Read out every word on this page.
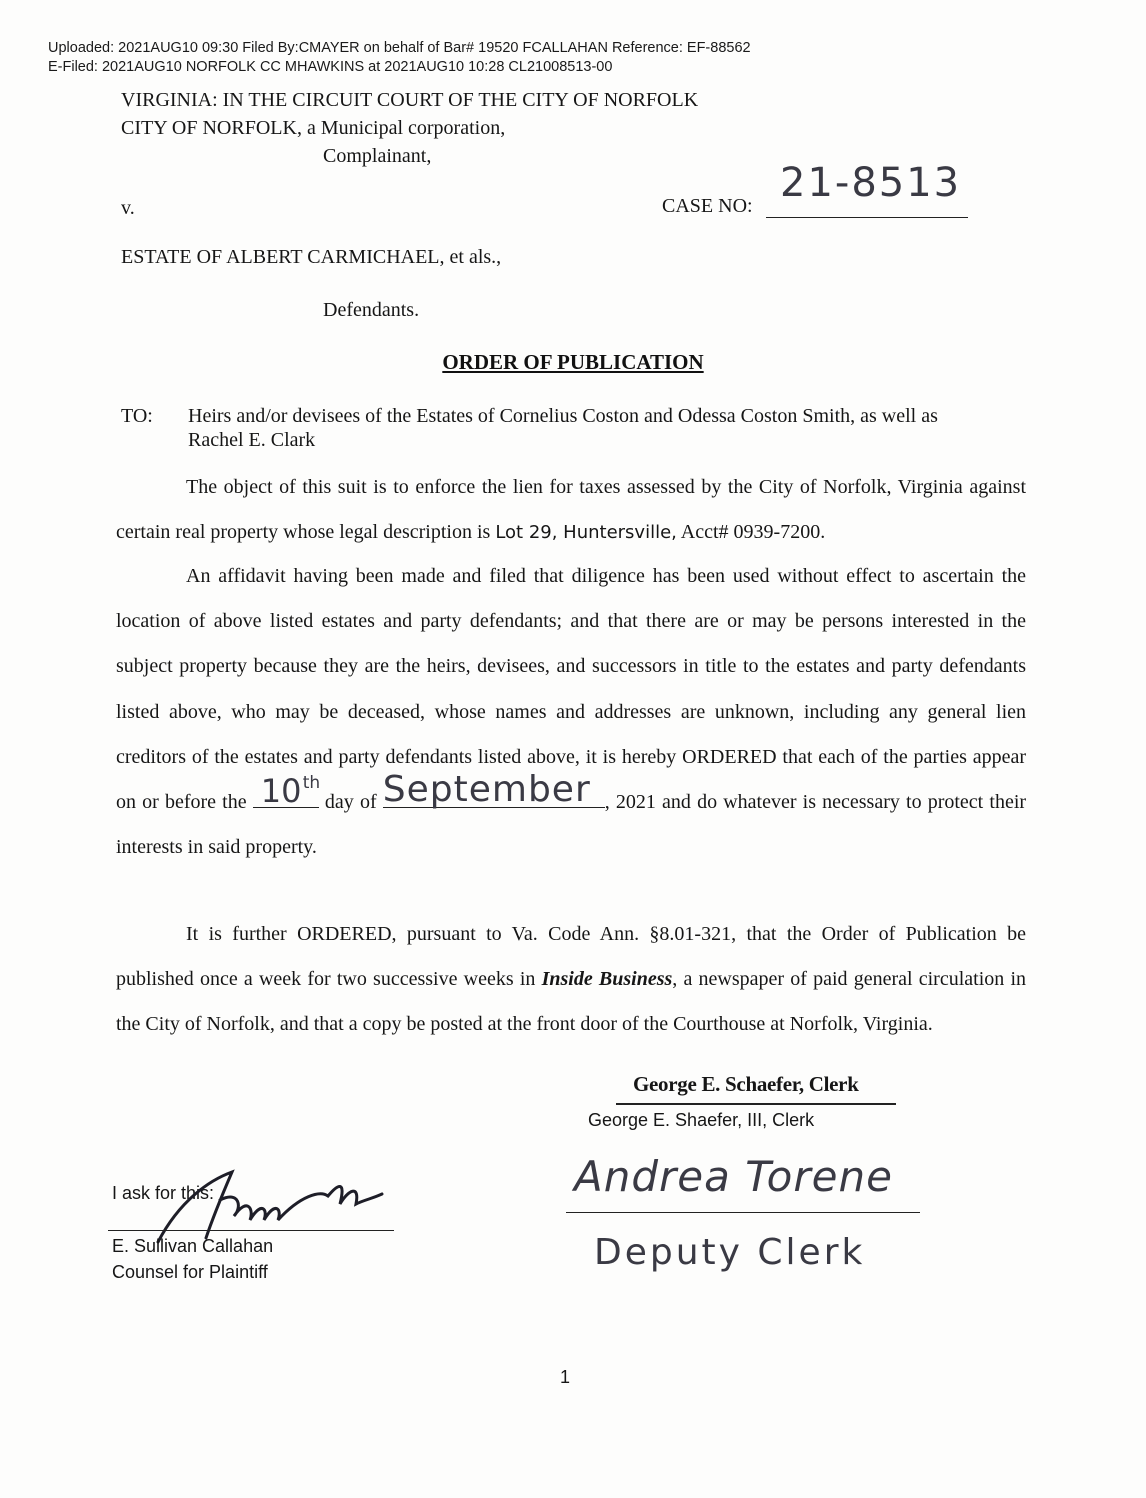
Uploaded: 2021AUG10 09:30 Filed By:CMAYER on behalf of Bar# 19520 FCALLAHAN Reference: EF-88562
E-Filed: 2021AUG10 NORFOLK CC MHAWKINS at 2021AUG10 10:28 CL21008513-00
VIRGINIA: IN THE CIRCUIT COURT OF THE CITY OF NORFOLK
CITY OF NORFOLK, a Municipal corporation,
Complainant,
v.	CASE NO: 21-8513
ESTATE OF ALBERT CARMICHAEL, et als.,
Defendants.
ORDER OF PUBLICATION
TO: Heirs and/or devisees of the Estates of Cornelius Coston and Odessa Coston Smith, as well as
Rachel E. Clark
The object of this suit is to enforce the lien for taxes assessed by the City of Norfolk, Virginia against certain real property whose legal description is Lot 29, Huntersville, Acct# 0939-7200.
An affidavit having been made and filed that diligence has been used without effect to ascertain the location of above listed estates and party defendants; and that there are or may be persons interested in the subject property because they are the heirs, devisees, and successors in title to the estates and party defendants listed above, who may be deceased, whose names and addresses are unknown, including any general lien creditors of the estates and party defendants listed above, it is hereby ORDERED that each of the parties appear on or before the 10 th
day of September , 2021 and do whatever is necessary to protect their interests in said property.
It is further ORDERED, pursuant to Va. Code Ann. §8.01-321, that the Order of Publication be published once a week for two successive weeks in Inside Business, a newspaper of paid general circulation in the City of Norfolk, and that a copy be posted at the front door of the Courthouse at Norfolk, Virginia.
George E. Schaefer, Clerk
George E. Shaefer, III, Clerk
I ask for this:
E. Sullivan Callahan
Counsel for Plaintiff
Andrea Torene
Deputy Clerk
1
